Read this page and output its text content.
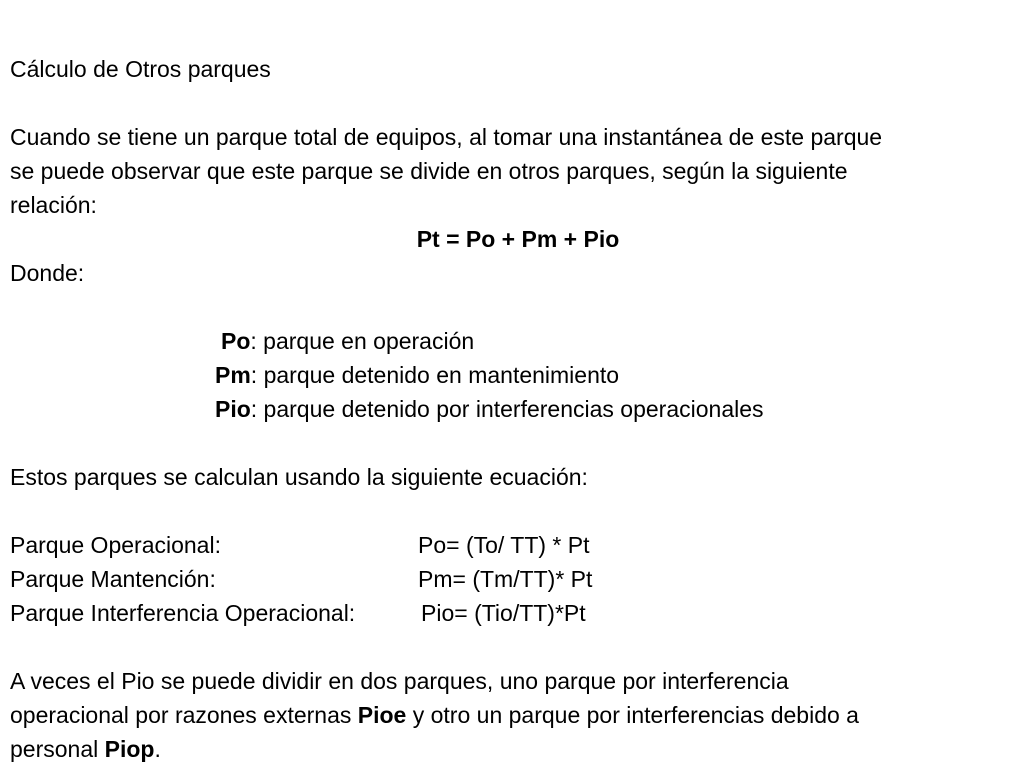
Cálculo de Otros parques
Cuando se tiene un parque total de equipos, al tomar una instantánea de este parque
se puede observar que este parque se divide en otros parques, según la siguiente
relación:
Pt = Po + Pm + Pio
Donde:
Po: parque en operación
Pm: parque detenido en mantenimiento
Pio: parque detenido por interferencias operacionales
Estos parques se calculan usando la siguiente ecuación:
Parque Operacional:	Po= (To/ TT) * Pt
Parque Mantención:	Pm= (Tm/TT)* Pt
Parque Interferencia Operacional:	Pio= (Tio/TT)*Pt
A veces el Pio se puede dividir en dos parques, uno parque por interferencia
operacional por razones externas Pioe y otro un parque por interferencias debido a
personal Piop.
